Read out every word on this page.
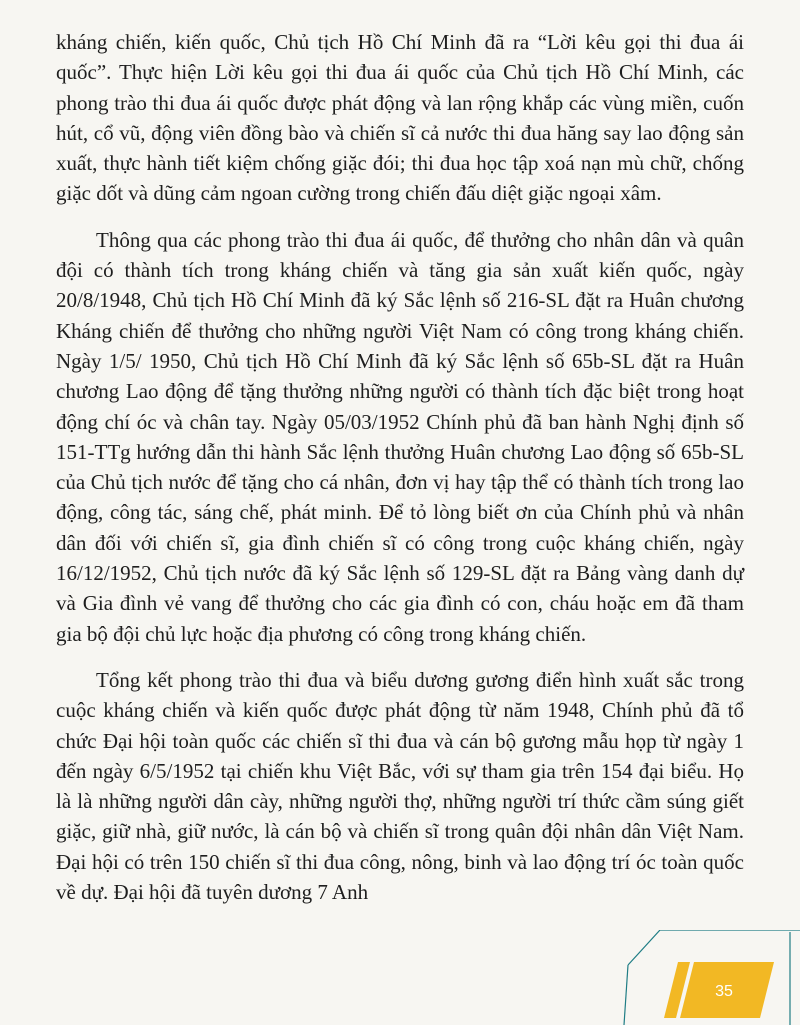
kháng chiến, kiến quốc, Chủ tịch Hồ Chí Minh đã ra “Lời kêu gọi thi đua ái quốc”. Thực hiện Lời kêu gọi thi đua ái quốc của Chủ tịch Hồ Chí Minh, các phong trào thi đua ái quốc được phát động và lan rộng khắp các vùng miền, cuốn hút, cổ vũ, động viên đồng bào và chiến sĩ cả nước thi đua hăng say lao động sản xuất, thực hành tiết kiệm chống giặc đói; thi đua học tập xoá nạn mù chữ, chống giặc dốt và dũng cảm ngoan cường trong chiến đấu diệt giặc ngoại xâm.

Thông qua các phong trào thi đua ái quốc, để thưởng cho nhân dân và quân đội có thành tích trong kháng chiến và tăng gia sản xuất kiến quốc, ngày 20/8/1948, Chủ tịch Hồ Chí Minh đã ký Sắc lệnh số 216-SL đặt ra Huân chương Kháng chiến để thưởng cho những người Việt Nam có công trong kháng chiến. Ngày 1/5/ 1950, Chủ tịch Hồ Chí Minh đã ký Sắc lệnh số 65b-SL đặt ra Huân chương Lao động để tặng thưởng những người có thành tích đặc biệt trong hoạt động chí óc và chân tay. Ngày 05/03/1952 Chính phủ đã ban hành Nghị định số 151-TTg hướng dẫn thi hành Sắc lệnh thưởng Huân chương Lao động số 65b-SL của Chủ tịch nước để tặng cho cá nhân, đơn vị hay tập thể có thành tích trong lao động, công tác, sáng chế, phát minh. Để tỏ lòng biết ơn của Chính phủ và nhân dân đối với chiến sĩ, gia đình chiến sĩ có công trong cuộc kháng chiến, ngày 16/12/1952, Chủ tịch nước đã ký Sắc lệnh số 129-SL đặt ra Bảng vàng danh dự và Gia đình vẻ vang để thưởng cho các gia đình có con, cháu hoặc em đã tham gia bộ đội chủ lực hoặc địa phương có công trong kháng chiến.

Tổng kết phong trào thi đua và biểu dương gương điển hình xuất sắc trong cuộc kháng chiến và kiến quốc được phát động từ năm 1948, Chính phủ đã tổ chức Đại hội toàn quốc các chiến sĩ thi đua và cán bộ gương mẫu họp từ ngày 1 đến ngày 6/5/1952 tại chiến khu Việt Bắc, với sự tham gia trên 154 đại biểu. Họ là là những người dân cày, những người thợ, những người trí thức cầm súng giết giặc, giữ nhà, giữ nước, là cán bộ và chiến sĩ trong quân đội nhân dân Việt Nam. Đại hội có trên 150 chiến sĩ thi đua công, nông, binh và lao động trí óc toàn quốc về dự. Đại hội đã tuyên dương 7 Anh

35
